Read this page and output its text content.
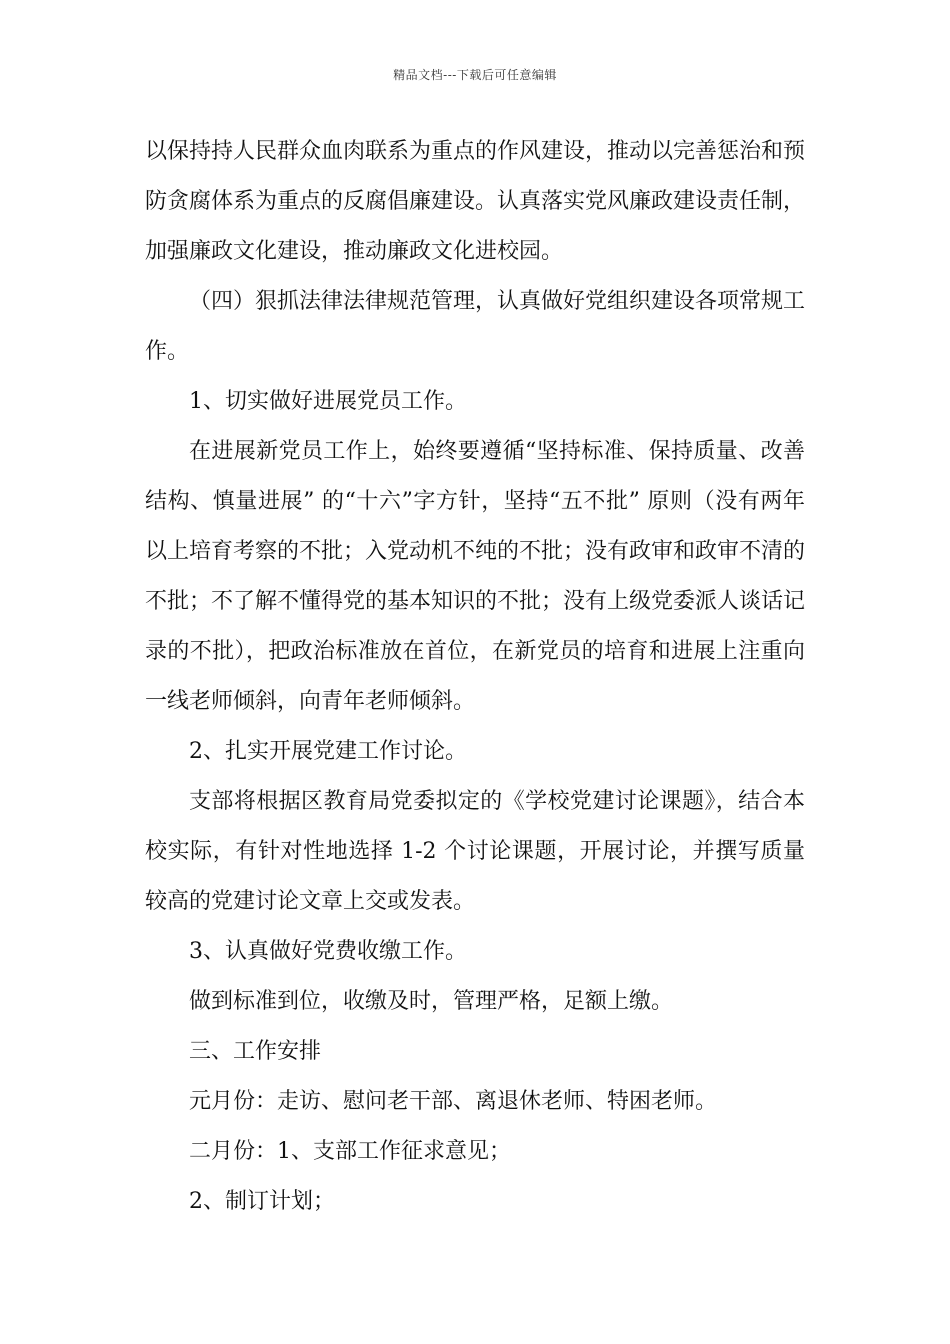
精品文档---下载后可任意编辑

以保持持人民群众血肉联系为重点的作风建设，推动以完善惩治和预防贪腐体系为重点的反腐倡廉建设。认真落实党风廉政建设责任制，加强廉政文化建设，推动廉政文化进校园。

（四）狠抓法律法律规范管理，认真做好党组织建设各项常规工作。

1、切实做好进展党员工作。

在进展新党员工作上，始终要遵循“坚持标准、保持质量、改善结构、慎量进展” 的“十六”字方针，坚持“五不批” 原则（没有两年以上培育考察的不批；入党动机不纯的不批；没有政审和政审不清的不批；不了解不懂得党的基本知识的不批；没有上级党委派人谈话记录的不批），把政治标准放在首位，在新党员的培育和进展上注重向一线老师倾斜，向青年老师倾斜。

2、扎实开展党建工作讨论。

支部将根据区教育局党委拟定的《学校党建讨论课题》，结合本校实际，有针对性地选择 1-2 个讨论课题，开展讨论，并撰写质量较高的党建讨论文章上交或发表。

3、认真做好党费收缴工作。

做到标准到位，收缴及时，管理严格，足额上缴。

三、工作安排

元月份：走访、慰问老干部、离退休老师、特困老师。

二月份：1、支部工作征求意见；

2、制订计划；
